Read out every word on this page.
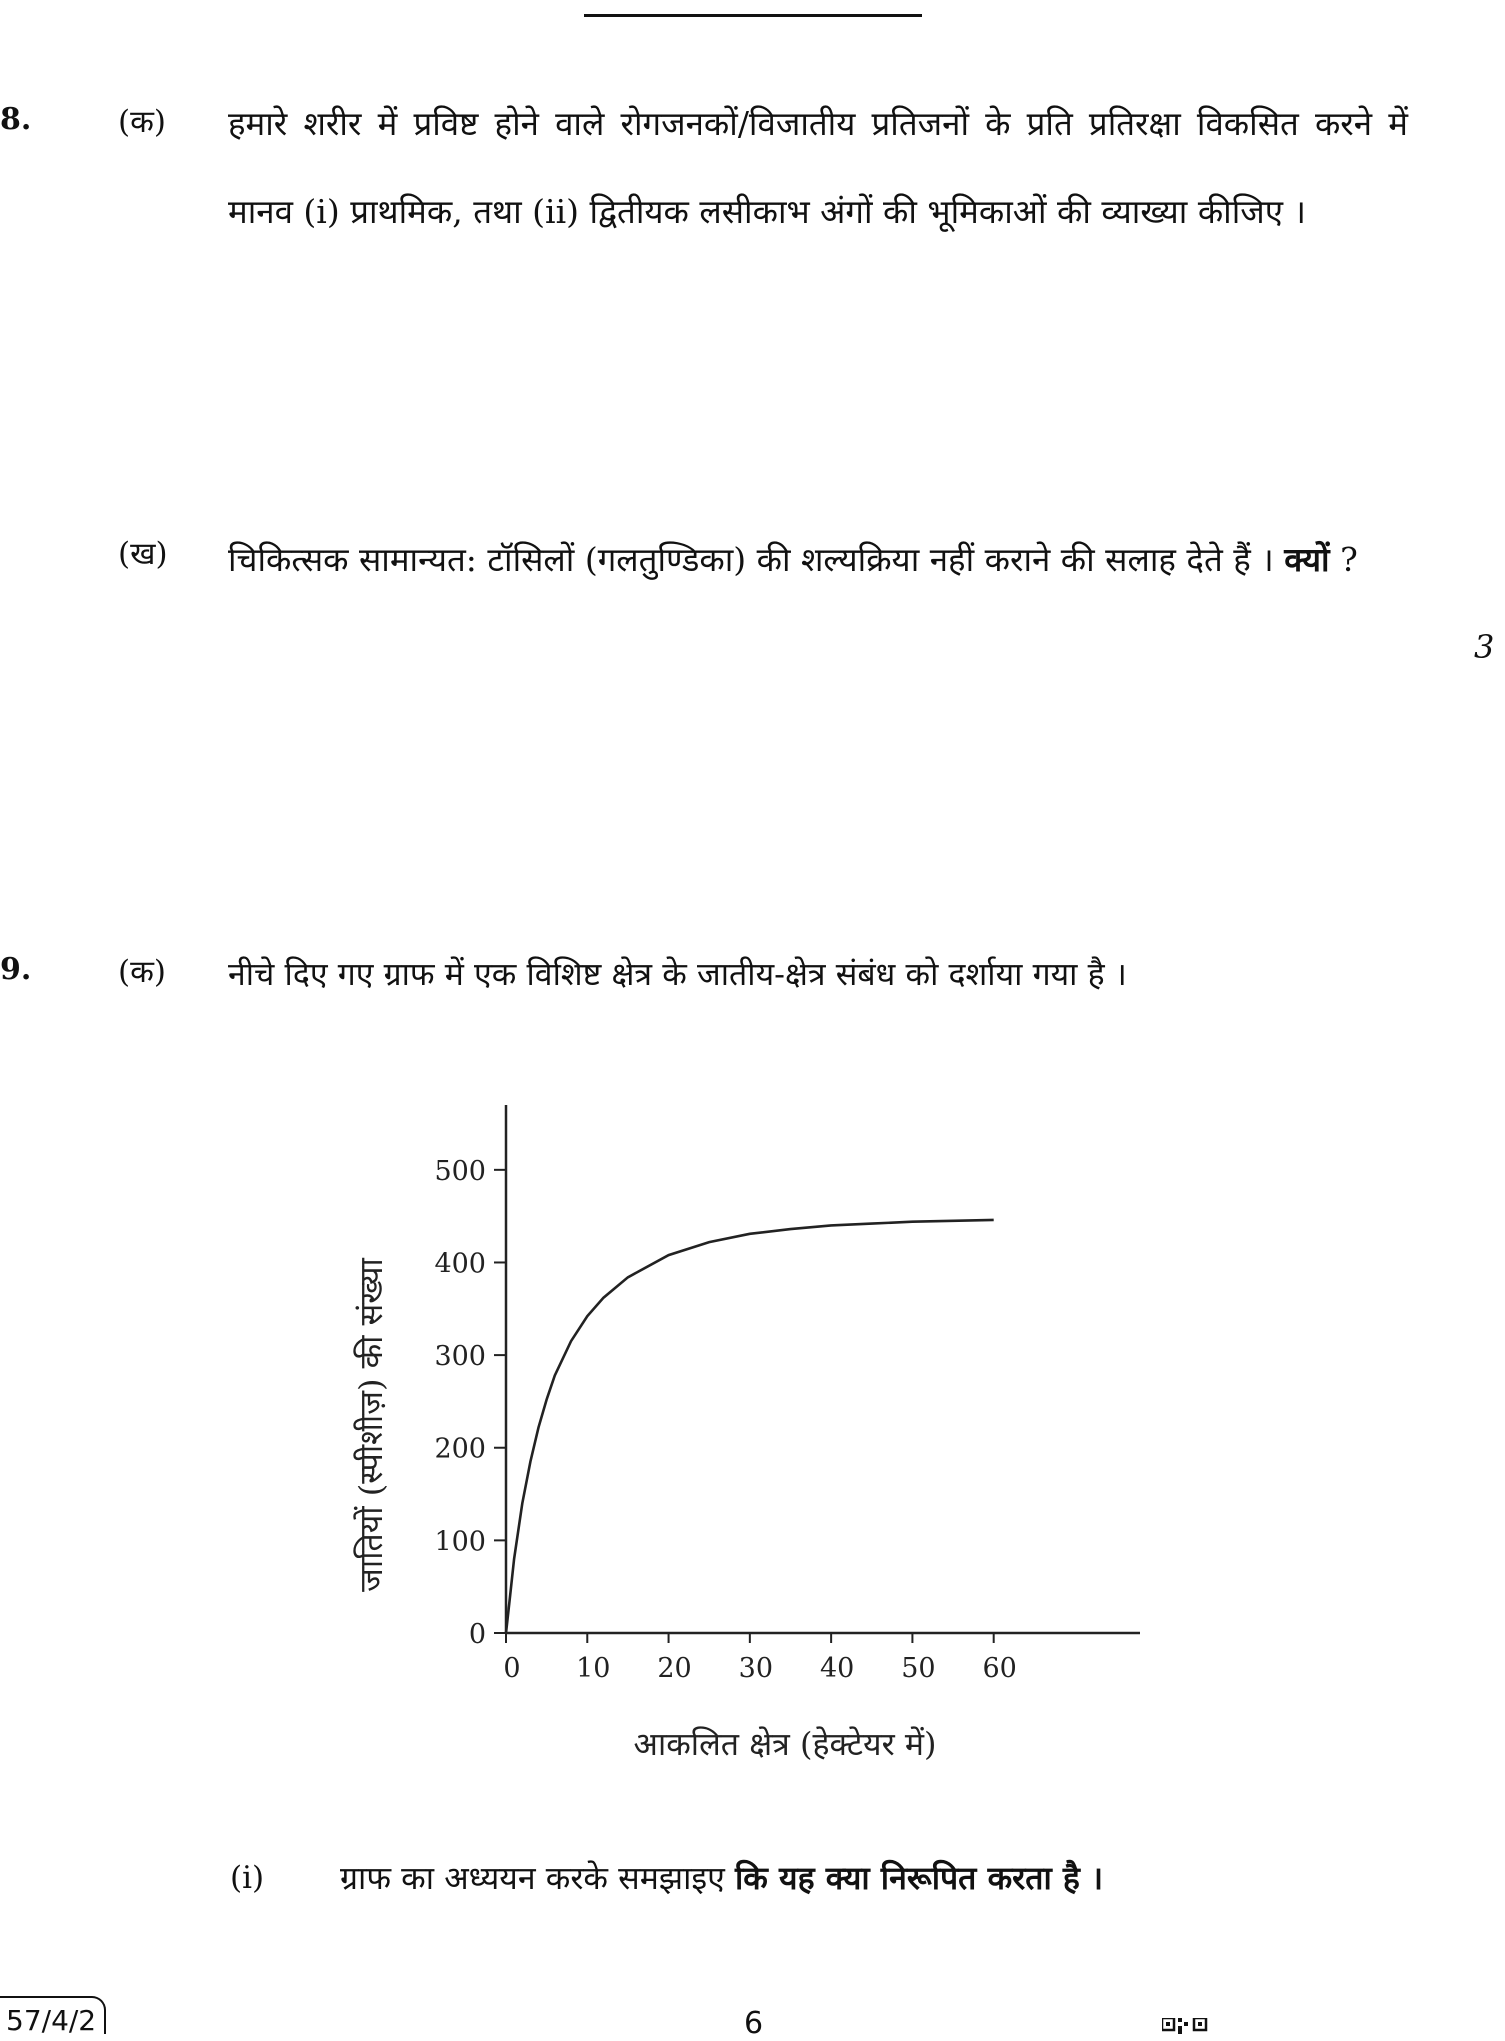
8.	(क) हमारे शरीर में प्रविष्ट होने वाले रोगजनकों/विजातीय प्रतिजनों के प्रति प्रतिरक्षा विकसित करने में मानव (i) प्राथमिक, तथा (ii) द्वितीयक लसीकाभ अंगों की भूमिकाओं की व्याख्या कीजिए ।
(ख) चिकित्सक सामान्यत: टॉसिलों (गलतुण्डिका) की शल्यक्रिया नहीं कराने की सलाह देते हैं । क्यों ?
3
9.	(क) नीचे दिए गए ग्राफ में एक विशिष्ट क्षेत्र के जातीय-क्षेत्र संबंध को दर्शाया गया है ।
0
100
200
300
400
500
0 10 20 30 40 50 60
आकलित क्षेत्र (हेक्टेयर में)
जातियों (स्पीशीज़) की संख्या
(i) ग्राफ का अध्ययन करके समझाइए कि यह क्या निरूपित करता है ।
57/4/2	6
